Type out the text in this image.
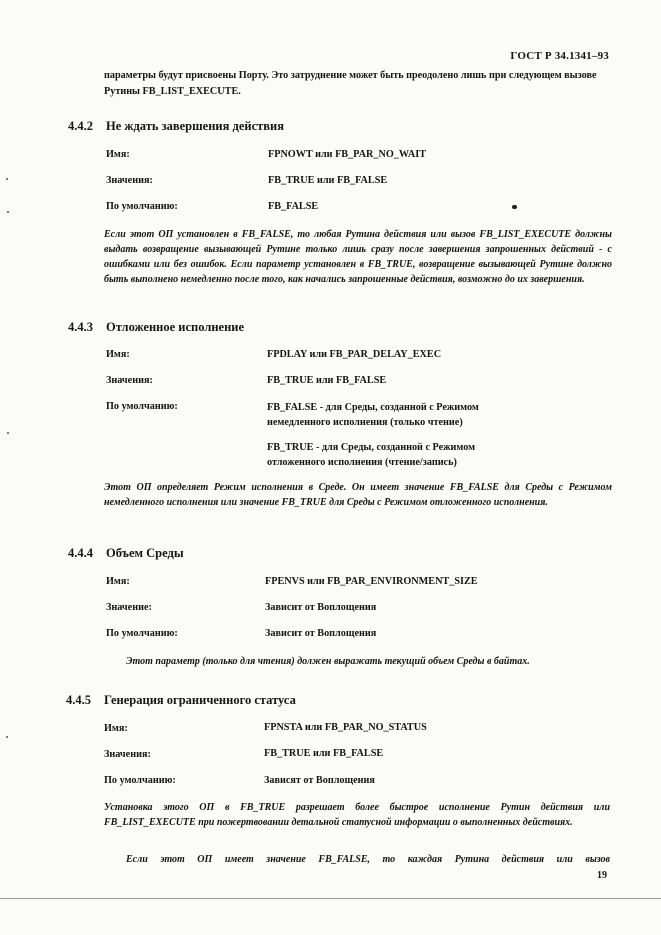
ГОСТ Р 34.1341–93
параметры будут присвоены Порту. Это затруднение может быть преодолено лишь при следующем вызове Рутины FB_LIST_EXECUTE.
4.4.2 Не ждать завершения действия
Имя:	FPNOWT или FB_PAR_NO_WAIT
Значения:	FB_TRUE или FB_FALSE
По умолчанию:	FB_FALSE
Если этот ОП установлен в FB_FALSE, то любая Рутина действия или вызов FB_LIST_EXECUTE должны выдать возвращение вызывающей Рутине только лишь сразу после завершения запрошенных действий - с ошибками или без ошибок. Если параметр установлен в FB_TRUE, возвращение вызывающей Рутине должно быть выполнено немедленно после того, как начались запрошенные действия, возможно до их завершения.
4.4.3 Отложенное исполнение
Имя:	FPDLAY или FB_PAR_DELAY_EXEC
Значения:	FB_TRUE или FB_FALSE
По умолчанию:	FB_FALSE - для Среды, созданной с Режимом немедленного исполнения (только чтение)
FB_TRUE - для Среды, созданной с Режимом отложенного исполнения (чтение/запись)
Этот ОП определяет Режим исполнения в Среде. Он имеет значение FB_FALSE для Среды с Режимом немедленного исполнения или значение FB_TRUE для Среды с Режимом отложенного исполнения.
4.4.4 Объем Среды
Имя:	FPENVS или FB_PAR_ENVIRONMENT_SIZE
Значение:	Зависит от Воплощения
По умолчанию:	Зависит от Воплощения
Этот параметр (только для чтения) должен выражать текущий объем Среды в байтах.
4.4.5 Генерация ограниченного статуса
Имя:	FPNSTA или FB_PAR_NO_STATUS
Значения:	FB_TRUE или FB_FALSE
По умолчанию:	Зависят от Воплощения
Установка этого ОП в FB_TRUE разрешает более быстрое исполнение Рутин действия или FB_LIST_EXECUTE при пожертвовании детальной статусной информации о выполненных действиях.
Если этот ОП имеет значение FB_FALSE, то каждая Рутина действия или вызов
19
